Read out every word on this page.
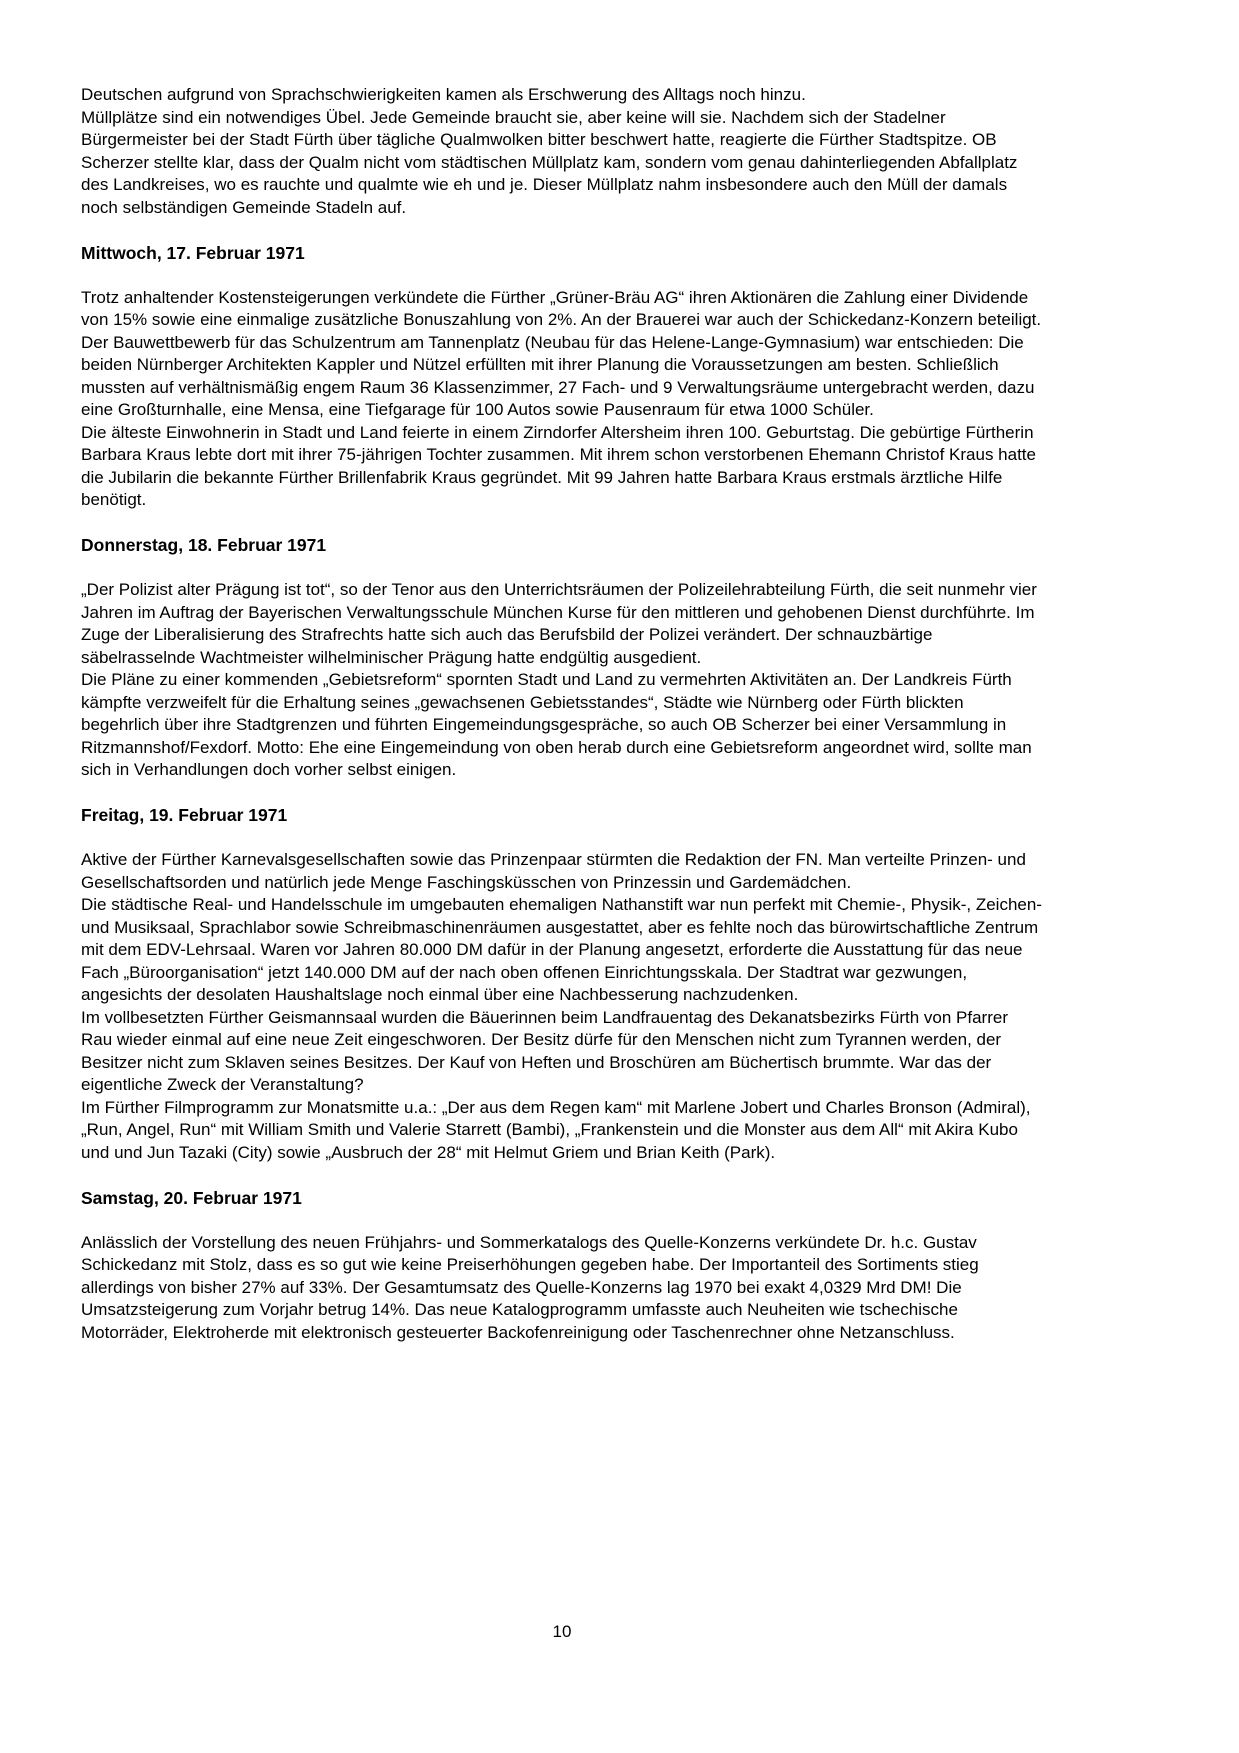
Deutschen aufgrund von Sprachschwierigkeiten kamen als Erschwerung des Alltags noch hinzu.

Müllplätze sind ein notwendiges Übel. Jede Gemeinde braucht sie, aber keine will sie. Nachdem sich der Stadelner Bürgermeister bei der Stadt Fürth über tägliche Qualmwolken bitter beschwert hatte, reagierte die Fürther Stadtspitze. OB Scherzer stellte klar, dass der Qualm nicht vom städtischen Müllplatz kam, sondern vom genau dahinterliegenden Abfallplatz des Landkreises, wo es rauchte und qualmte wie eh und je. Dieser Müllplatz nahm insbesondere auch den Müll der damals noch selbständigen Gemeinde Stadeln auf.

Mittwoch, 17. Februar 1971

Trotz anhaltender Kostensteigerungen verkündete die Fürther „Grüner-Bräu AG“ ihren Aktionären die Zahlung einer Dividende von 15% sowie eine einmalige zusätzliche Bonuszahlung von 2%. An der Brauerei war auch der Schickedanz-Konzern beteiligt.

Der Bauwettbewerb für das Schulzentrum am Tannenplatz (Neubau für das Helene-Lange-Gymnasium) war entschieden: Die beiden Nürnberger Architekten Kappler und Nützel erfüllten mit ihrer Planung die Voraussetzungen am besten. Schließlich mussten auf verhältnismäßig engem Raum 36 Klassenzimmer, 27 Fach- und 9 Verwaltungsräume untergebracht werden, dazu eine Großturnhalle, eine Mensa, eine Tiefgarage für 100 Autos sowie Pausenraum für etwa 1000 Schüler.

Die älteste Einwohnerin in Stadt und Land feierte in einem Zirndorfer Altersheim ihren 100. Geburtstag. Die gebürtige Fürtherin Barbara Kraus lebte dort mit ihrer 75-jährigen Tochter zusammen. Mit ihrem schon verstorbenen Ehemann Christof Kraus hatte die Jubilarin die bekannte Fürther Brillenfabrik Kraus gegründet. Mit 99 Jahren hatte Barbara Kraus erstmals ärztliche Hilfe benötigt.

Donnerstag, 18. Februar 1971

„Der Polizist alter Prägung ist tot“, so der Tenor aus den Unterrichtsräumen der Polizeilehrabteilung Fürth, die seit nunmehr vier Jahren im Auftrag der Bayerischen Verwaltungsschule München Kurse für den mittleren und gehobenen Dienst durchführte. Im Zuge der Liberalisierung des Strafrechts hatte sich auch das Berufsbild der Polizei verändert. Der schnauzbärtige säbelrasselnde Wachtmeister wilhelminischer Prägung hatte endgültig ausgedient.

Die Pläne zu einer kommenden „Gebietsreform“ spornten Stadt und Land zu vermehrten Aktivitäten an. Der Landkreis Fürth kämpfte verzweifelt für die Erhaltung seines „gewachsenen Gebietsstandes“, Städte wie Nürnberg oder Fürth blickten begehrlich über ihre Stadtgrenzen und führten Eingemeindungsgespräche, so auch OB Scherzer bei einer Versammlung in Ritzmannshof/Fexdorf. Motto: Ehe eine Eingemeindung von oben herab durch eine Gebietsreform angeordnet wird, sollte man sich in Verhandlungen doch vorher selbst einigen.

Freitag, 19. Februar 1971

Aktive der Fürther Karnevalsgesellschaften sowie das Prinzenpaar stürmten die Redaktion der FN. Man verteilte Prinzen- und Gesellschaftsorden und natürlich jede Menge Faschingsküsschen von Prinzessin und Gardemädchen.

Die städtische Real- und Handelsschule im umgebauten ehemaligen Nathanstift war nun perfekt mit Chemie-, Physik-, Zeichen- und Musiksaal, Sprachlabor sowie Schreibmaschinenräumen ausgestattet, aber es fehlte noch das bürowirtschaftliche Zentrum mit dem EDV-Lehrsaal. Waren vor Jahren 80.000 DM dafür in der Planung angesetzt, erforderte die Ausstattung für das neue Fach „Büroorganisation“ jetzt 140.000 DM auf der nach oben offenen Einrichtungsskala. Der Stadtrat war gezwungen, angesichts der desolaten Haushaltslage noch einmal über eine Nachbesserung nachzudenken.

Im vollbesetzten Fürther Geismannsaal wurden die Bäuerinnen beim Landfrauentag des Dekanatsbezirks Fürth von Pfarrer Rau wieder einmal auf eine neue Zeit eingeschworen. Der Besitz dürfe für den Menschen nicht zum Tyrannen werden, der Besitzer nicht zum Sklaven seines Besitzes. Der Kauf von Heften und Broschüren am Büchertisch brummte. War das der eigentliche Zweck der Veranstaltung?

Im Fürther Filmprogramm zur Monatsmitte u.a.: „Der aus dem Regen kam“ mit Marlene Jobert und Charles Bronson (Admiral), „Run, Angel, Run“ mit William Smith und Valerie Starrett (Bambi), „Frankenstein und die Monster aus dem All“ mit Akira Kubo und und Jun Tazaki (City) sowie „Ausbruch der 28“ mit Helmut Griem und Brian Keith (Park).

Samstag, 20. Februar 1971

Anlässlich der Vorstellung des neuen Frühjahrs- und Sommerkatalogs des Quelle-Konzerns verkündete Dr. h.c. Gustav Schickedanz mit Stolz, dass es so gut wie keine Preiserhöhungen gegeben habe. Der Importanteil des Sortiments stieg allerdings von bisher 27% auf 33%. Der Gesamtumsatz des Quelle-Konzerns lag 1970 bei exakt 4,0329 Mrd DM! Die Umsatzsteigerung zum Vorjahr betrug 14%. Das neue Katalogprogramm umfasste auch Neuheiten wie tschechische Motorräder, Elektroherde mit elektronisch gesteuerter Backofenreinigung oder Taschenrechner ohne Netzanschluss.

10
